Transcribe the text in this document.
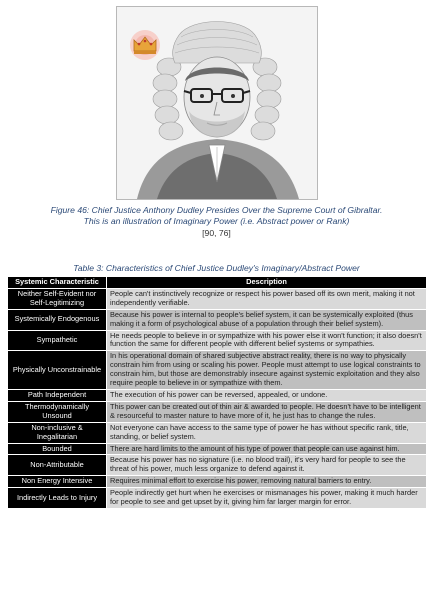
Figure 46: Chief Justice Anthony Dudley Presides Over the Supreme Court of Gibraltar.
This is an illustration of Imaginary Power (i.e. Abstract power or Rank)
[90, 76]
Table 3: Characteristics of Chief Justice Dudley's Imaginary/Abstract Power
Systemic Characteristic	Description
Neither Self-Evident nor Self-Legitimizing	People can't instinctively recognize or respect his power based off its own merit, making it not independently verifiable.
Systemically Endogenous	Because his power is internal to people's belief system, it can be systemically exploited (thus making it a form of psychological abuse of a population through their belief system).
Sympathetic	He needs people to believe in or sympathize with his power else it won't function; it also doesn't function the same for different people with different belief systems or sympathies.
Physically Unconstrainable	In his operational domain of shared subjective abstract reality, there is no way to physically constrain him from using or scaling his power. People must attempt to use logical constraints to constrain him, but those are demonstrably insecure against systemic exploitation and they also require people to believe in or sympathize with them.
Path Independent	The execution of his power can be reversed, appealed, or undone.
Thermodynamically Unsound	This power can be created out of thin air & awarded to people. He doesn't have to be intelligent & resourceful to master nature to have more of it, he just has to change the rules.
Non-inclusive & Inegalitarian	Not everyone can have access to the same type of power he has without specific rank, title, standing, or belief system.
Bounded	There are hard limits to the amount of his type of power that people can use against him.
Non-Attributable	Because his power has no signature (i.e. no blood trail), it's very hard for people to see the threat of his power, much less organize to defend against it.
Non Energy Intensive	Requires minimal effort to exercise his power, removing natural barriers to entry.
Indirectly Leads to Injury	People indirectly get hurt when he exercises or mismanages his power, making it much harder for people to see and get upset by it, giving him far larger margin for error.
